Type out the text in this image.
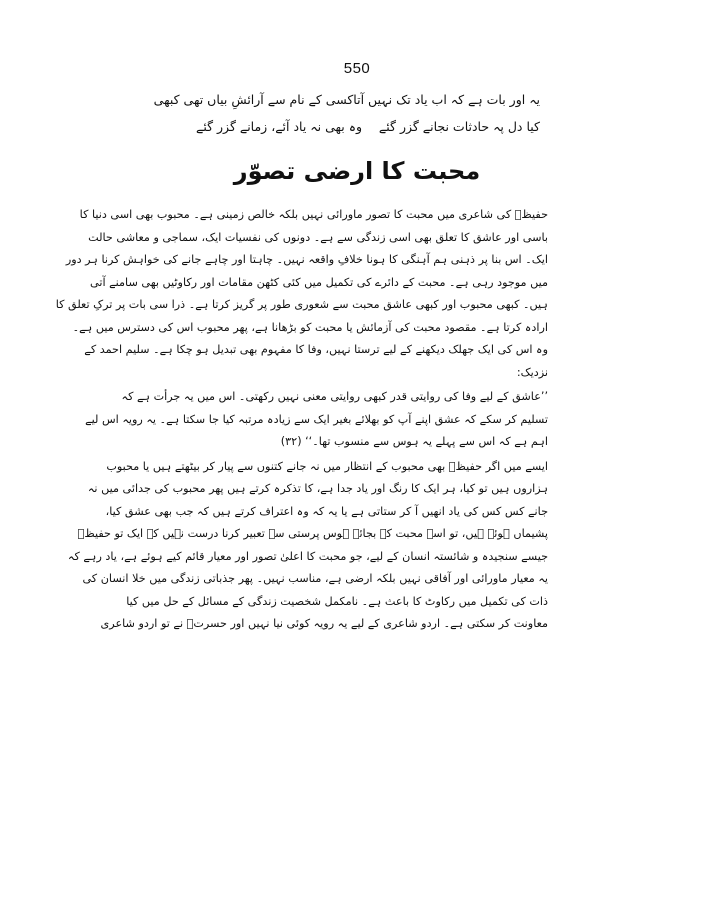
550
یہ اور بات ہے کہ اب یاد تک نہیں آتا
کسی کے نام سے آرائشِ بیاں تھی کبھی
کیا دل پہ حادثات نجانے گزر گئے
وہ بھی نہ یاد آئے، زمانے گزر گئے
محبت کا ارضی تصوّر
حفیظؔ کی شاعری میں محبت کا تصور ماورائی نہیں بلکہ خالص زمینی ہے۔ محبوب بھی اسی دنیا کا
باسی اور عاشق کا تعلق بھی اسی زندگی سے ہے۔ دونوں کی نفسیات ایک، سماجی و معاشی حالت
ایک۔ اس بنا پر ذہنی ہم آہنگی کا ہونا خلافِ واقعہ نہیں۔ چاہتا اور چاہے جانے کی خواہش کرنا ہر دور
میں موجود رہی ہے۔ محبت کے دائرے کی تکمیل میں کئی کٹھن مقامات اور رکاوٹیں بھی سامنے آتی
ہیں۔ کبھی محبوب اور کبھی عاشق محبت سے شعوری طور پر گریز کرتا ہے۔ ذرا سی بات پر ترکِ تعلق کا
ارادہ کرتا ہے۔ مقصود محبت کی آزمائش یا محبت کو بڑھانا ہے، پھر محبوب اس کی دسترس میں ہے۔
وہ اس کی ایک جھلک دیکھنے کے لیے ترستا نہیں، وفا کا مفہوم بھی تبدیل ہو چکا ہے۔ سلیم احمد کے
نزدیک:
’’عاشق کے لیے وفا کی روایتی قدر کبھی روایتی معنی نہیں رکھتی۔ اس میں یہ جرأت ہے کہ
تسلیم کر سکے کہ عشق اپنے آپ کو بھلائے بغیر ایک سے زیادہ مرتبہ کیا جا سکتا ہے۔ یہ رویہ اس لیے
اہم ہے کہ اس سے پہلے یہ ہوس سے منسوب تھا۔‘‘ (۳۲)
ایسے میں اگر حفیظؔ بھی محبوب کے انتظار میں نہ جانے کتنوں سے پیار کر بیٹھتے ہیں یا محبوب
ہزاروں ہیں تو کیا، ہر ایک کا رنگ اور یاد جدا ہے، کا تذکرہ کرتے ہیں پھر محبوب کی جدائی میں نہ
جانے کس کس کی یاد انھیں آ کر ستاتی ہے یا یہ کہ وہ اعتراف کرتے ہیں کہ جب بھی عشق کیا،
پشیماں ہوئے ہیں، تو اسے محبت کے بجائے ہوس پرستی سے تعبیر کرنا درست نہیں کہ ایک تو حفیظؔ
جیسے سنجیدہ و شائستہ انسان کے لیے، جو محبت کا اعلیٰ تصور اور معیار قائم کیے ہوئے ہے، یاد رہے کہ
یہ معیار ماورائی اور آفاقی نہیں بلکہ ارضی ہے، مناسب نہیں۔ پھر جذباتی زندگی میں خلا انسان کی
ذات کی تکمیل میں رکاوٹ کا باعث ہے۔ نامکمل شخصیت زندگی کے مسائل کے حل میں کیا
معاونت کر سکتی ہے۔ اردو شاعری کے لیے یہ رویہ کوئی نیا نہیں اور حسرتؔ نے تو اردو شاعری
